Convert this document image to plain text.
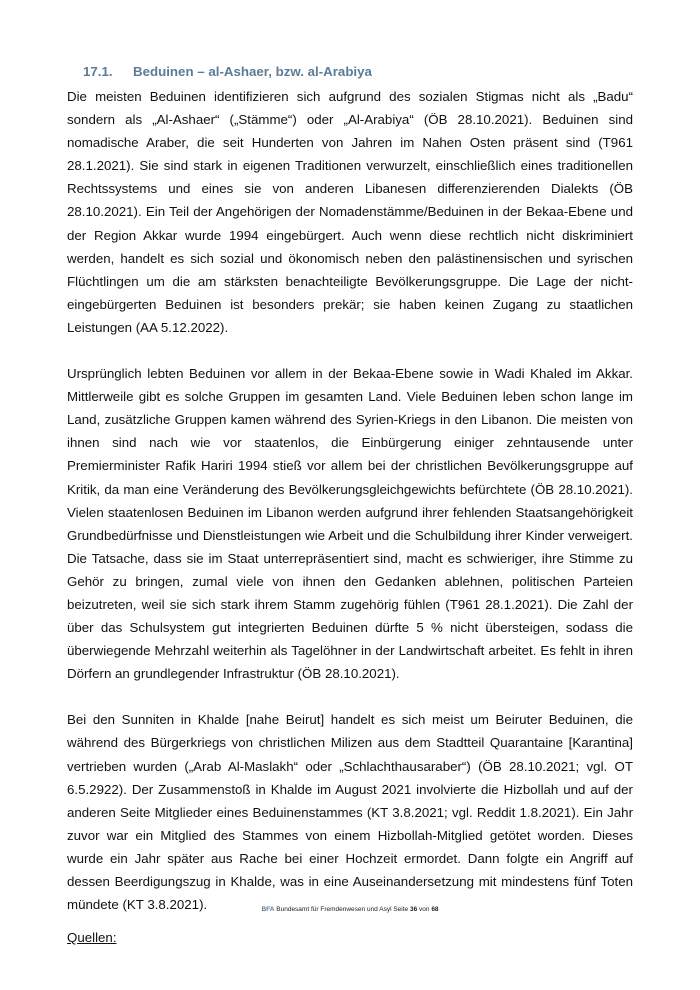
17.1.	Beduinen – al-Ashaer, bzw. al-Arabiya

Die meisten Beduinen identifizieren sich aufgrund des sozialen Stigmas nicht als „Badu“ sondern als „Al-Ashaer“ („Stämme“) oder „Al-Arabiya“ (ÖB 28.10.2021). Beduinen sind nomadische Araber, die seit Hunderten von Jahren im Nahen Osten präsent sind (T961 28.1.2021). Sie sind stark in eigenen Traditionen verwurzelt, einschließlich eines traditionellen Rechtssystems und eines sie von anderen Libanesen differenzierenden Dialekts (ÖB 28.10.2021). Ein Teil der Angehörigen der Nomadenstämme/Beduinen in der Bekaa-Ebene und der Region Akkar wurde 1994 eingebürgert. Auch wenn diese rechtlich nicht diskriminiert werden, handelt es sich sozial und ökonomisch neben den palästinensischen und syrischen Flüchtlingen um die am stärksten benachteiligte Bevölkerungsgruppe. Die Lage der nicht-eingebürgerten Beduinen ist besonders prekär; sie haben keinen Zugang zu staatlichen Leistungen (AA 5.12.2022).

Ursprünglich lebten Beduinen vor allem in der Bekaa-Ebene sowie in Wadi Khaled im Akkar. Mittlerweile gibt es solche Gruppen im gesamten Land. Viele Beduinen leben schon lange im Land, zusätzliche Gruppen kamen während des Syrien-Kriegs in den Libanon. Die meisten von ihnen sind nach wie vor staatenlos, die Einbürgerung einiger zehntausende unter Premierminister Rafik Hariri 1994 stieß vor allem bei der christlichen Bevölkerungsgruppe auf Kritik, da man eine Veränderung des Bevölkerungsgleichgewichts befürchtete (ÖB 28.10.2021). Vielen staatenlosen Beduinen im Libanon werden aufgrund ihrer fehlenden Staatsangehörigkeit Grundbedürfnisse und Dienstleistungen wie Arbeit und die Schulbildung ihrer Kinder verweigert. Die Tatsache, dass sie im Staat unterrepräsentiert sind, macht es schwieriger, ihre Stimme zu Gehör zu bringen, zumal viele von ihnen den Gedanken ablehnen, politischen Parteien beizutreten, weil sie sich stark ihrem Stamm zugehörig fühlen (T961 28.1.2021). Die Zahl der über das Schulsystem gut integrierten Beduinen dürfte 5 % nicht übersteigen, sodass die überwiegende Mehrzahl weiterhin als Tagelöhner in der Landwirtschaft arbeitet. Es fehlt in ihren Dörfern an grundlegender Infrastruktur (ÖB 28.10.2021).

Bei den Sunniten in Khalde [nahe Beirut] handelt es sich meist um Beiruter Beduinen, die während des Bürgerkriegs von christlichen Milizen aus dem Stadtteil Quarantaine [Karantina] vertrieben wurden („Arab Al-Maslakh“ oder „Schlachthausaraber“) (ÖB 28.10.2021; vgl. OT 6.5.2922). Der Zusammenstoß in Khalde im August 2021 involvierte die Hizbollah und auf der anderen Seite Mitglieder eines Beduinenstammes (KT 3.8.2021; vgl. Reddit 1.8.2021). Ein Jahr zuvor war ein Mitglied des Stammes von einem Hizbollah-Mitglied getötet worden. Dieses wurde ein Jahr später aus Rache bei einer Hochzeit ermordet. Dann folgte ein Angriff auf dessen Beerdigungszug in Khalde, was in eine Auseinandersetzung mit mindestens fünf Toten mündete (KT 3.8.2021).

Quellen:
BFA Bundesamt für Fremdenwesen und Asyl Seite 36 von 68
